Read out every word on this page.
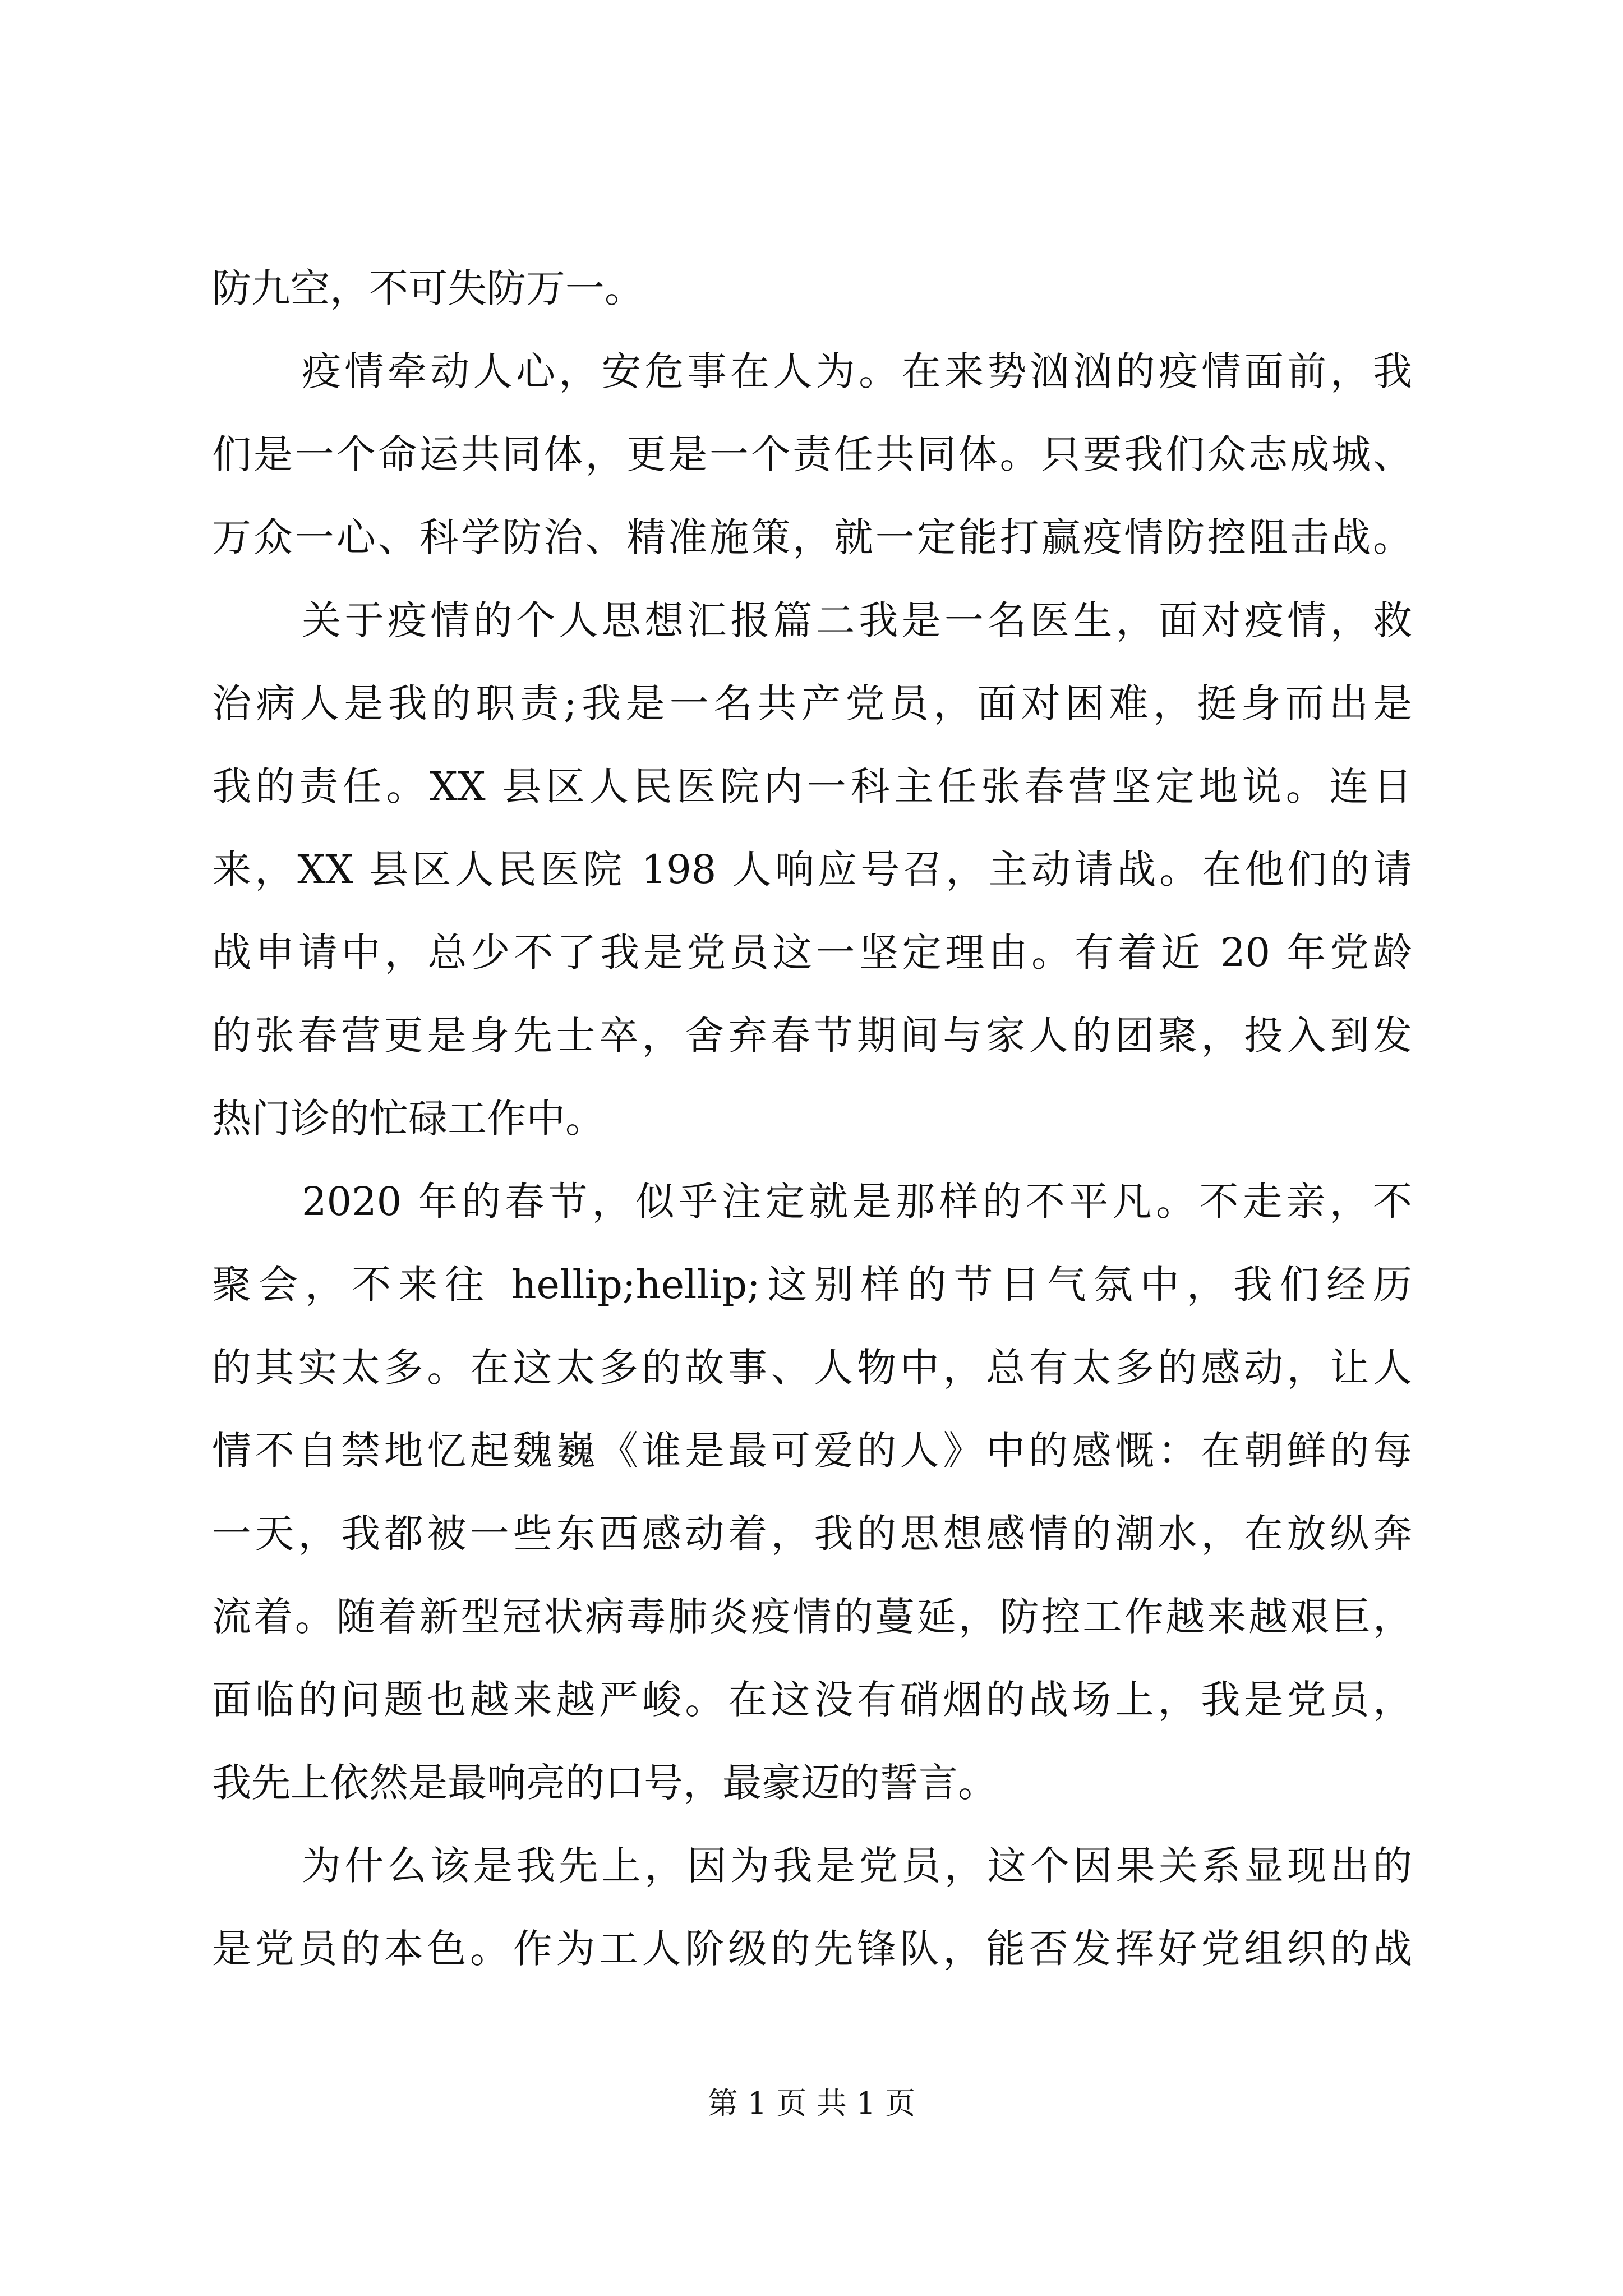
防九空，不可失防万一。
疫情牵动人心，安危事在人为。在来势汹汹的疫情面前，我
们是一个命运共同体，更是一个责任共同体。只要我们众志成城、
万众一心、科学防治、精准施策，就一定能打赢疫情防控阻击战。
关于疫情的个人思想汇报篇二我是一名医生，面对疫情，救
治病人是我的职责;我是一名共产党员，面对困难，挺身而出是
我的责任。XX 县区人民医院内一科主任张春营坚定地说。连日
来，XX 县区人民医院 198 人响应号召，主动请战。在他们的请
战申请中，总少不了我是党员这一坚定理由。有着近 20 年党龄
的张春营更是身先士卒，舍弃春节期间与家人的团聚，投入到发
热门诊的忙碌工作中。
2020 年的春节，似乎注定就是那样的不平凡。不走亲，不
聚会，不来往 hellip;hellip;这别样的节日气氛中，我们经历
的其实太多。在这太多的故事、人物中，总有太多的感动，让人
情不自禁地忆起魏巍《谁是最可爱的人》中的感慨：在朝鲜的每
一天，我都被一些东西感动着，我的思想感情的潮水，在放纵奔
流着。随着新型冠状病毒肺炎疫情的蔓延，防控工作越来越艰巨，
面临的问题也越来越严峻。在这没有硝烟的战场上，我是党员，
我先上依然是最响亮的口号，最豪迈的誓言。
为什么该是我先上，因为我是党员，这个因果关系显现出的
是党员的本色。作为工人阶级的先锋队，能否发挥好党组织的战
第 1 页 共 1 页
